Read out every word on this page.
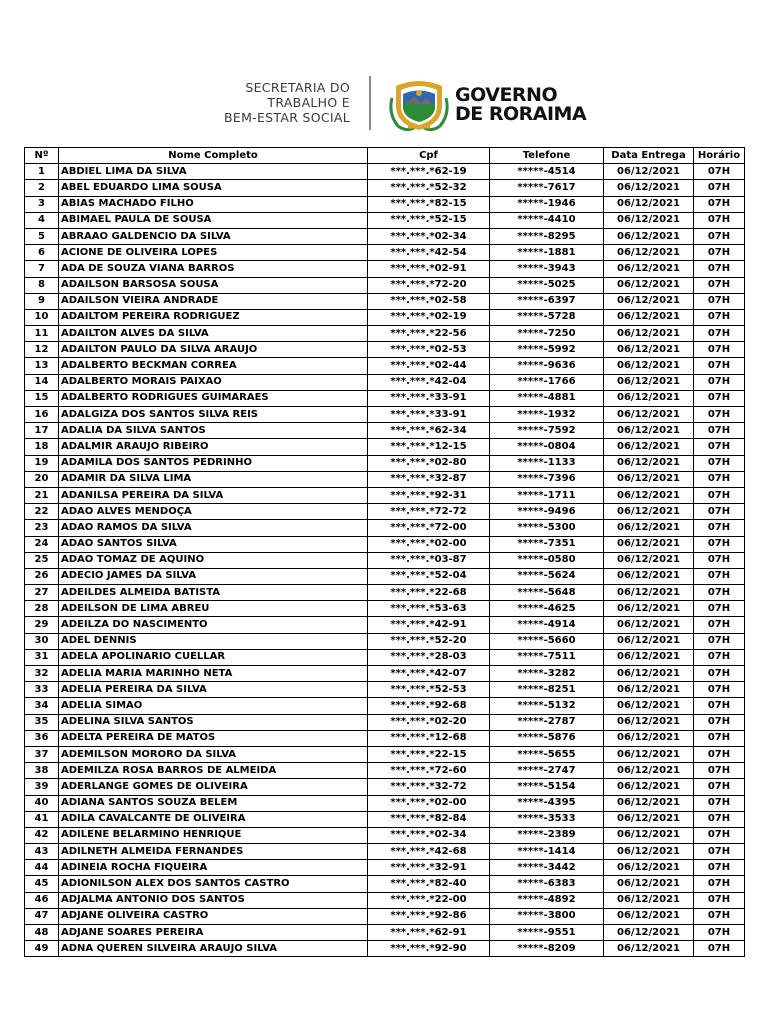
SECRETARIA DO
TRABALHO E
BEM-ESTAR SOCIAL
GOVERNO
DE RORAIMA
Nº	Nome Completo	Cpf	Telefone	Data Entrega	Horário
1	ABDIEL LIMA DA SILVA	***.***.*62-19	*****-4514	06/12/2021	07H
2	ABEL EDUARDO LIMA SOUSA	***.***.*52-32	*****-7617	06/12/2021	07H
3	ABIAS MACHADO FILHO	***.***.*82-15	*****-1946	06/12/2021	07H
4	ABIMAEL PAULA DE SOUSA	***.***.*52-15	*****-4410	06/12/2021	07H
5	ABRAAO GALDENCIO DA SILVA	***.***.*02-34	*****-8295	06/12/2021	07H
6	ACIONE DE OLIVEIRA LOPES	***.***.*42-54	*****-1881	06/12/2021	07H
7	ADA DE SOUZA VIANA BARROS	***.***.*02-91	*****-3943	06/12/2021	07H
8	ADAILSON BARSOSA SOUSA	***.***.*72-20	*****-5025	06/12/2021	07H
9	ADAILSON VIEIRA ANDRADE	***.***.*02-58	*****-6397	06/12/2021	07H
10	ADAILTOM PEREIRA RODRIGUEZ	***.***.*02-19	*****-5728	06/12/2021	07H
11	ADAILTON ALVES DA SILVA	***.***.*22-56	*****-7250	06/12/2021	07H
12	ADAILTON PAULO DA SILVA ARAUJO	***.***.*02-53	*****-5992	06/12/2021	07H
13	ADALBERTO BECKMAN CORREA	***.***.*02-44	*****-9636	06/12/2021	07H
14	ADALBERTO MORAIS PAIXAO	***.***.*42-04	*****-1766	06/12/2021	07H
15	ADALBERTO RODRIGUES GUIMARAES	***.***.*33-91	*****-4881	06/12/2021	07H
16	ADALGIZA DOS SANTOS SILVA REIS	***.***.*33-91	*****-1932	06/12/2021	07H
17	ADALIA DA SILVA SANTOS	***.***.*62-34	*****-7592	06/12/2021	07H
18	ADALMIR ARAUJO RIBEIRO	***.***.*12-15	*****-0804	06/12/2021	07H
19	ADAMILA DOS SANTOS PEDRINHO	***.***.*02-80	*****-1133	06/12/2021	07H
20	ADAMIR DA SILVA LIMA	***.***.*32-87	*****-7396	06/12/2021	07H
21	ADANILSA PEREIRA DA SILVA	***.***.*92-31	*****-1711	06/12/2021	07H
22	ADAO ALVES MENDOÇA	***.***.*72-72	*****-9496	06/12/2021	07H
23	ADAO RAMOS DA SILVA	***.***.*72-00	*****-5300	06/12/2021	07H
24	ADAO SANTOS SILVA	***.***.*02-00	*****-7351	06/12/2021	07H
25	ADAO TOMAZ DE AQUINO	***.***.*03-87	*****-0580	06/12/2021	07H
26	ADECIO JAMES DA SILVA	***.***.*52-04	*****-5624	06/12/2021	07H
27	ADEILDES ALMEIDA BATISTA	***.***.*22-68	*****-5648	06/12/2021	07H
28	ADEILSON DE LIMA ABREU	***.***.*53-63	*****-4625	06/12/2021	07H
29	ADEILZA DO NASCIMENTO	***.***.*42-91	*****-4914	06/12/2021	07H
30	ADEL DENNIS	***.***.*52-20	*****-5660	06/12/2021	07H
31	ADELA APOLINARIO CUELLAR	***.***.*28-03	*****-7511	06/12/2021	07H
32	ADELIA MARIA MARINHO NETA	***.***.*42-07	*****-3282	06/12/2021	07H
33	ADELIA PEREIRA DA SILVA	***.***.*52-53	*****-8251	06/12/2021	07H
34	ADELIA SIMAO	***.***.*92-68	*****-5132	06/12/2021	07H
35	ADELINA SILVA SANTOS	***.***.*02-20	*****-2787	06/12/2021	07H
36	ADELTA PEREIRA DE MATOS	***.***.*12-68	*****-5876	06/12/2021	07H
37	ADEMILSON MORORO DA SILVA	***.***.*22-15	*****-5655	06/12/2021	07H
38	ADEMILZA ROSA BARROS DE ALMEIDA	***.***.*72-60	*****-2747	06/12/2021	07H
39	ADERLANGE GOMES DE OLIVEIRA	***.***.*32-72	*****-5154	06/12/2021	07H
40	ADIANA SANTOS SOUZA BELEM	***.***.*02-00	*****-4395	06/12/2021	07H
41	ADILA CAVALCANTE DE OLIVEIRA	***.***.*82-84	*****-3533	06/12/2021	07H
42	ADILENE BELARMINO HENRIQUE	***.***.*02-34	*****-2389	06/12/2021	07H
43	ADILNETH ALMEIDA FERNANDES	***.***.*42-68	*****-1414	06/12/2021	07H
44	ADINEIA ROCHA FIQUEIRA	***.***.*32-91	*****-3442	06/12/2021	07H
45	ADIONILSON ALEX DOS SANTOS CASTRO	***.***.*82-40	*****-6383	06/12/2021	07H
46	ADJALMA ANTONIO DOS SANTOS	***.***.*22-00	*****-4892	06/12/2021	07H
47	ADJANE OLIVEIRA CASTRO	***.***.*92-86	*****-3800	06/12/2021	07H
48	ADJANE SOARES PEREIRA	***.***.*62-91	*****-9551	06/12/2021	07H
49	ADNA QUEREN SILVEIRA ARAUJO SILVA	***.***.*92-90	*****-8209	06/12/2021	07H
